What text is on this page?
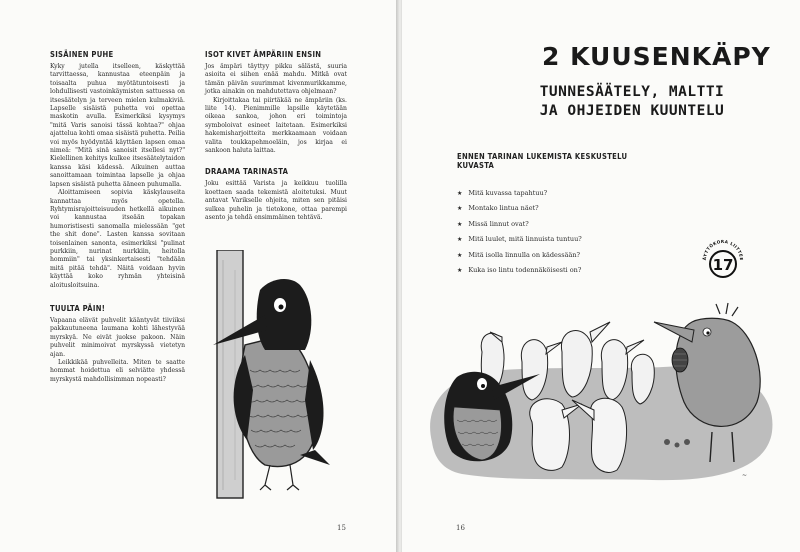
SISÄINEN PUHE

Kyky jutella itselleen, käskyttää tarvittaessa, kannustaa eteenpäin ja toisaalta puhua myötätuntoisesti ja lohdullisesti vastoinkäymisten sattuessa on itsesäätelyn ja terveen mielen kulmakiviä. Lapselle sisäistä puhetta voi opettaa maskotin avulla. Esimerkiksi kysymys "mitä Varis sanoisi tässä kohtaa?" ohjaa ajattelua kohti omaa sisäistä puhetta. Peilia voi myös hyödyntää käyttäen lapsen omaa nimeä: "Mitä sinä sanoisit itsellesi nyt?" Kielellinen kehitys kulkee itsesäätelytaidon kanssa käsi kädessä. Aikuinen auttaa sanoittamaan toimintaa lapselle ja ohjaa lapsen sisäistä puhetta ääneen puhumalla.

Aloittamiseen sopivia käskylauseita kannattaa myös opetella. Ryhtymisrajoitteisuuden hetkellä aikuinen voi kannustaa itseään topakan humoristisesti sanomalla mielessään "get the shit done". Lasten kanssa sovitaan toisenlainen sanonta, esimerkiksi "pulinat purkkiin, nurinat nurkkiin, heitolla hommiin" tai yksinkertaisesti "tehdään mitä pitää tehdä". Näitä voidaan hyvin käyttää koko ryhmän yhteisinä aloitusloitsuina.

TUULTA PÄIN!

Vapaana elävät puhvelit kääntyvät tiiviiksi pakkautuneena laumana kohti lähestyvää myrskyä. Ne eivät juokse pakoon. Näin puhvelit minimoivat myrskyssä vietetyn ajan.

Leikkikää puhvelleita. Miten te saatte hommat hoidettua eli selviätte yhdessä myrskystä mahdollisimman nopeasti?

ISOT KIVET ÄMPÄRIIN ENSIN

Jos ämpäri täyttyy pikku sälästä, suuria asioita ei siihen enää mahdu. Mitkä ovat tämän päivän suurimmat kivenmurikkamme, jotka ainakin on mahdutettava ohjelmaan?

Kirjoittakaa tai piirtäkää ne ämpäriin (ks. liite 14). Pienimmille lapsille käytetään oikeaa sankoa, johon eri toimintoja symboloivat esineet laitetaan. Esimerkiksi hakemisharjoitteita merkkaamaan voidaan valita toukkapehmoeläin, jos kirjaa ei sankoon haluta laittaa.

DRAAMA TARINASTA

Joku esittää Varista ja keikkuu tuolilla koettaen saada tekemistä aloitetuksi. Muut antavat Varikselle ohjeita, miten sen pitäisi sulkea puhelin ja tietokone, ottaa parempi asento ja tehdä ensimmäinen tehtävä.

15
2 KUUSENKÄPY
TUNNESÄÄTELY, MALTTI
JA OHJEIDEN KUUNTELU
ENNEN TARINAN LUKEMISTA KESKUSTELU KUVASTA
★ Mitä kuvassa tapahtuu?
★ Montako lintua näet?
★ Missä linnut ovat?
★ Mitä luulet, mitä linnuista tuntuu?
★ Mitä isolla linnulla on kädessään?
★ Kuka iso lintu todennäköisesti on?
ÄYTTÖKORA LIITTEE
17
~
16
